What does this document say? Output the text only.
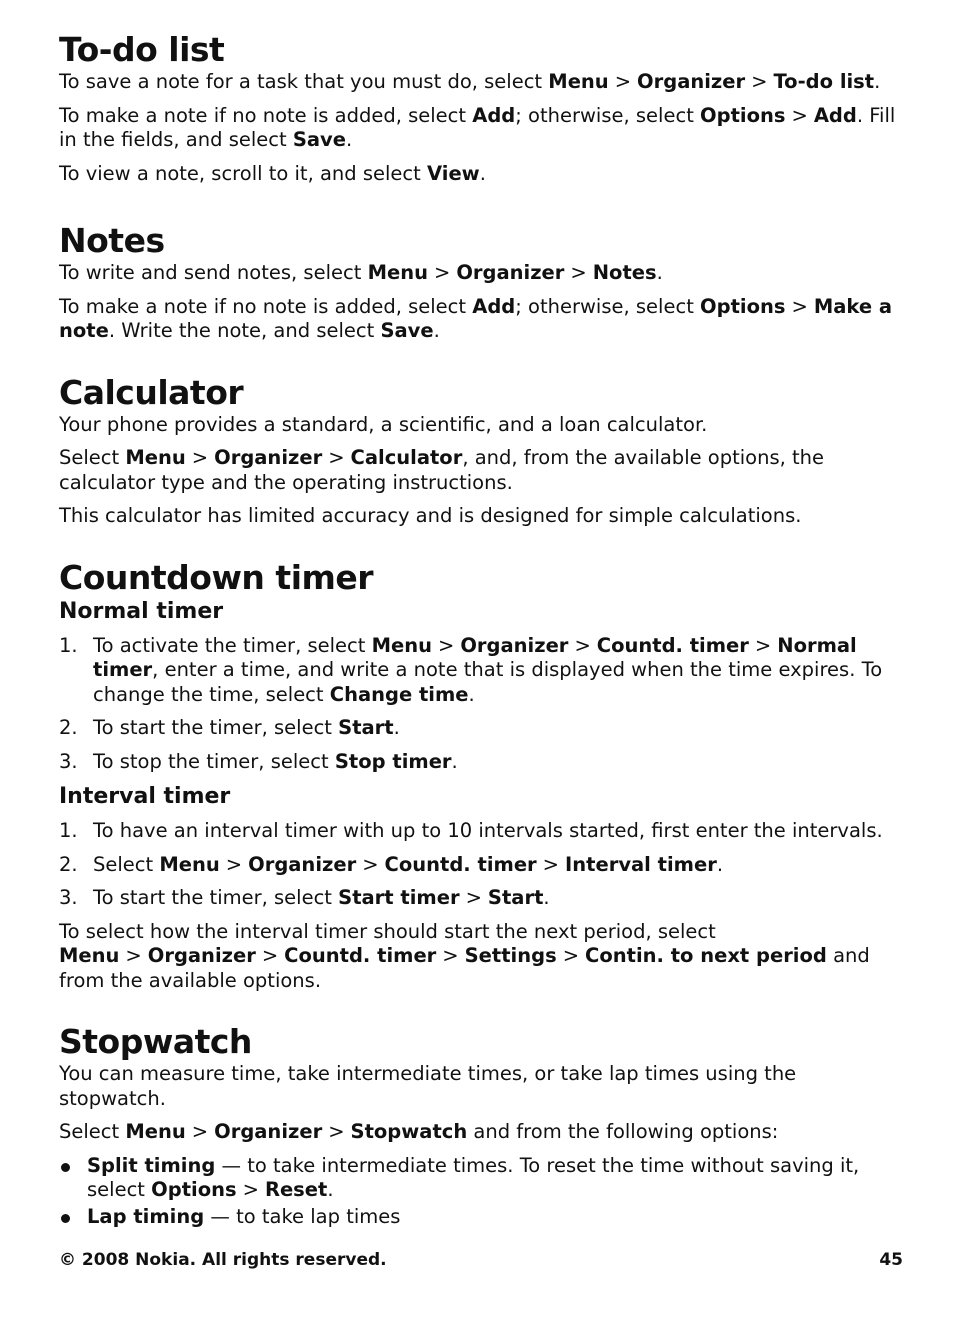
To-do list

To save a note for a task that you must do, select Menu > Organizer > To-do list.

To make a note if no note is added, select Add; otherwise, select Options > Add. Fill in the fields, and select Save.

To view a note, scroll to it, and select View.

Notes

To write and send notes, select Menu > Organizer > Notes.

To make a note if no note is added, select Add; otherwise, select Options > Make a note. Write the note, and select Save.

Calculator

Your phone provides a standard, a scientific, and a loan calculator.

Select Menu > Organizer > Calculator, and, from the available options, the calculator type and the operating instructions.

This calculator has limited accuracy and is designed for simple calculations.

Countdown timer
Normal timer
1. To activate the timer, select Menu > Organizer > Countd. timer > Normal timer, enter a time, and write a note that is displayed when the time expires. To change the time, select Change time.
2. To start the timer, select Start.
3. To stop the timer, select Stop timer.
Interval timer
1. To have an interval timer with up to 10 intervals started, first enter the intervals.
2. Select Menu > Organizer > Countd. timer > Interval timer.
3. To start the timer, select Start timer > Start.

To select how the interval timer should start the next period, select Menu > Organizer > Countd. timer > Settings > Contin. to next period and from the available options.

Stopwatch

You can measure time, take intermediate times, or take lap times using the stopwatch.

Select Menu > Organizer > Stopwatch and from the following options:

Split timing — to take intermediate times. To reset the time without saving it, select Options > Reset.
Lap timing — to take lap times
© 2008 Nokia. All rights reserved.	45
